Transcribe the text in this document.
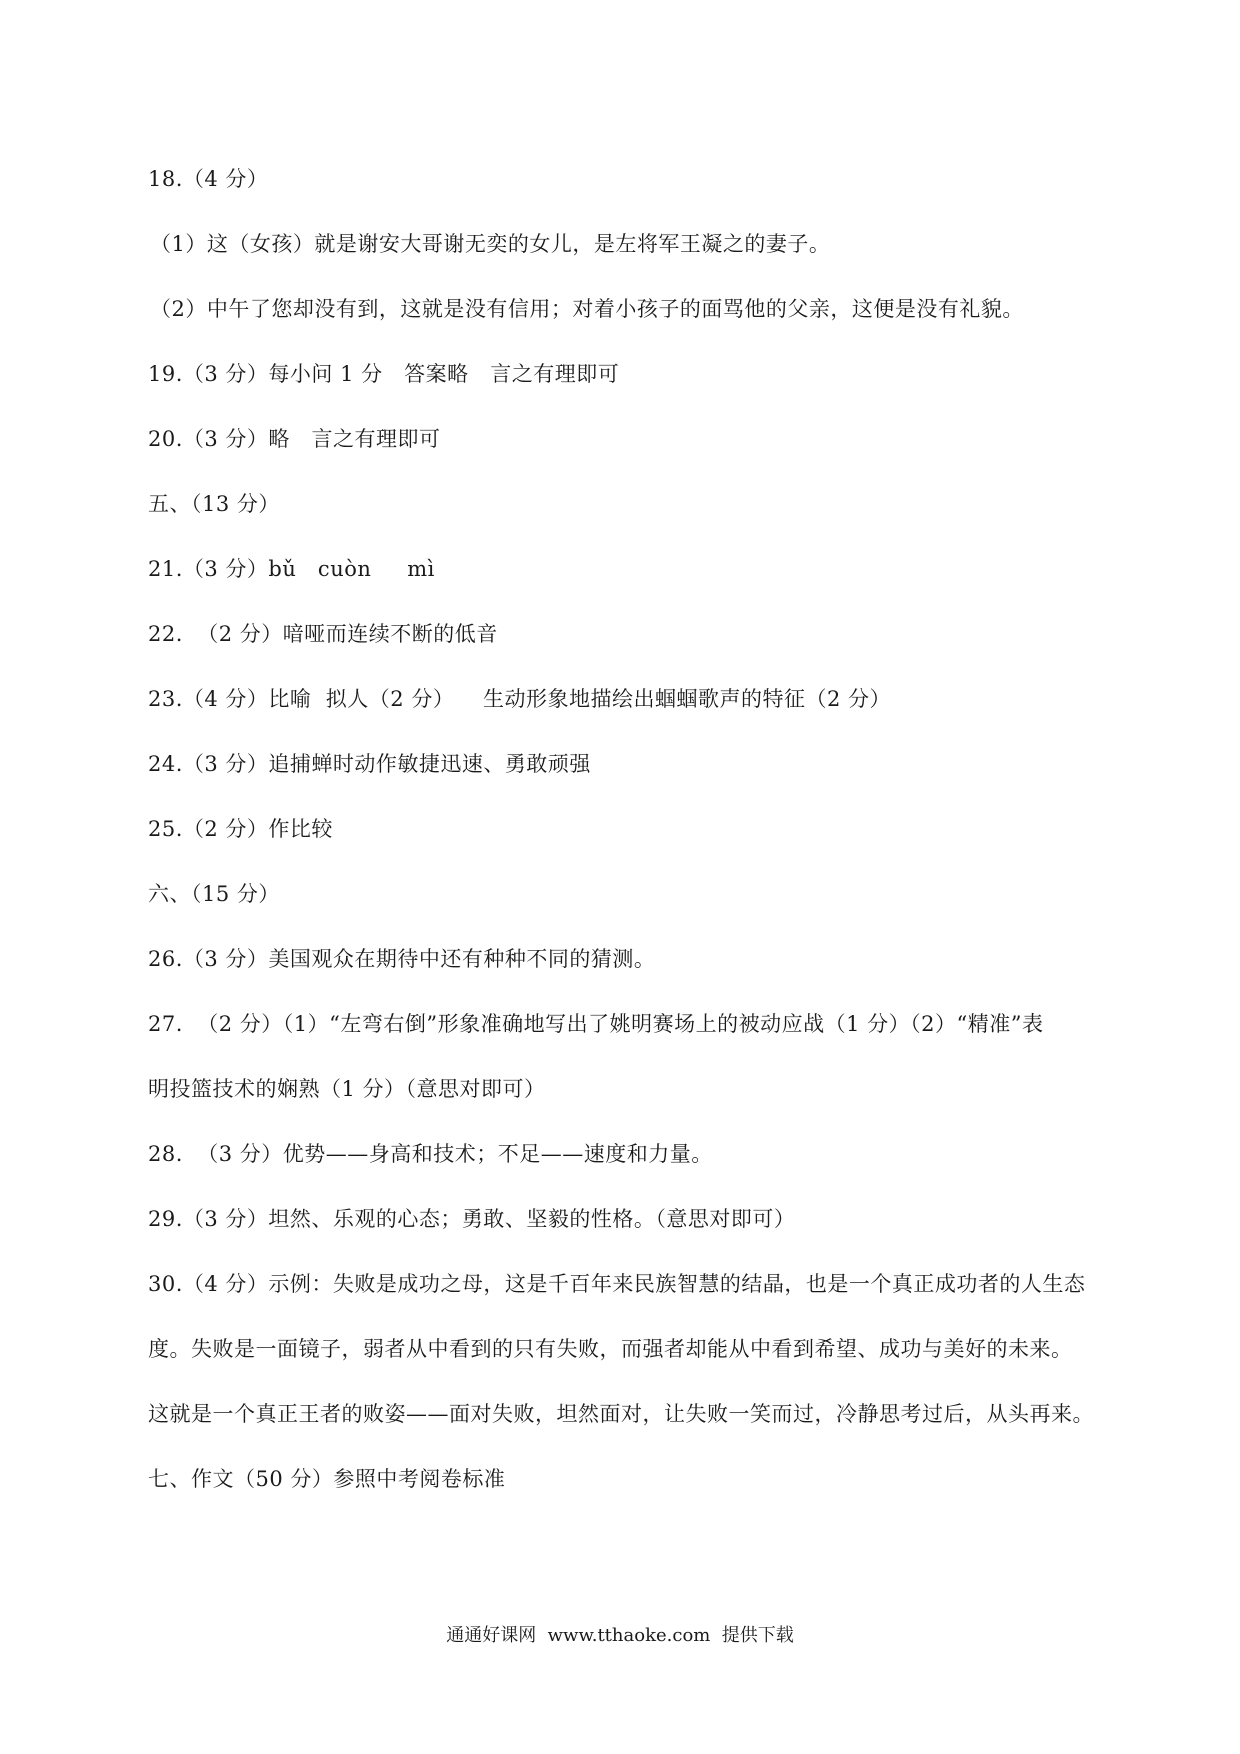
18.（4 分）
（1）这（女孩）就是谢安大哥谢无奕的女儿，是左将军王凝之的妻子。
（2）中午了您却没有到，这就是没有信用；对着小孩子的面骂他的父亲，这便是没有礼貌。
19.（3 分）每小问 1 分   答案略   言之有理即可
20.（3 分）略   言之有理即可
五、（13 分）
21.（3 分）bǔ   cuòn     mì
22.  （2 分）喑哑而连续不断的低音
23.（4 分）比喻  拟人（2 分）    生动形象地描绘出蝈蝈歌声的特征（2 分）
24.（3 分）追捕蝉时动作敏捷迅速、勇敢顽强
25.（2 分）作比较
六、（15 分）
26.（3 分）美国观众在期待中还有种种不同的猜测。
27.  （2 分）（1）“左弯右倒”形象准确地写出了姚明赛场上的被动应战（1 分）（2）“精准”表
明投篮技术的娴熟（1 分）（意思对即可）
28.  （3 分）优势——身高和技术；不足——速度和力量。
29.（3 分）坦然、乐观的心态；勇敢、坚毅的性格。（意思对即可）
30.（4 分）示例：失败是成功之母，这是千百年来民族智慧的结晶，也是一个真正成功者的人生态
度。失败是一面镜子，弱者从中看到的只有失败，而强者却能从中看到希望、成功与美好的未来。
这就是一个真正王者的败姿——面对失败，坦然面对，让失败一笑而过，冷静思考过后，从头再来。
七、作文（50 分）参照中考阅卷标准
通通好课网  www.tthaoke.com  提供下载
